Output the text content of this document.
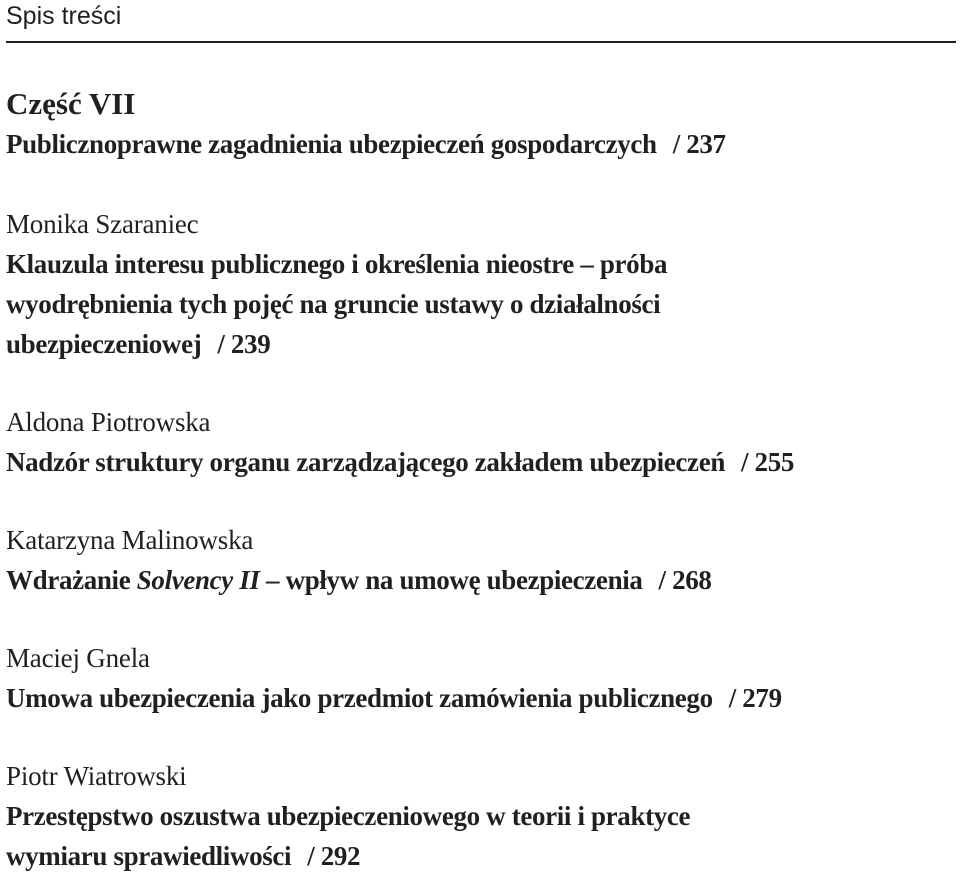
Spis treści
Część VII
Publicznoprawne zagadnienia ubezpieczeń gospodarczych / 237
Monika Szaraniec
Klauzula interesu publicznego i określenia nieostre – próba
wyodrębnienia tych pojęć na gruncie ustawy o działalności
ubezpieczeniowej / 239
Aldona Piotrowska
Nadzór struktury organu zarządzającego zakładem ubezpieczeń / 255
Katarzyna Malinowska
Wdrażanie Solvency II – wpływ na umowę ubezpieczenia / 268
Maciej Gnela
Umowa ubezpieczenia jako przedmiot zamówienia publicznego / 279
Piotr Wiatrowski
Przestępstwo oszustwa ubezpieczeniowego w teorii i praktyce
wymiaru sprawiedliwości / 292
